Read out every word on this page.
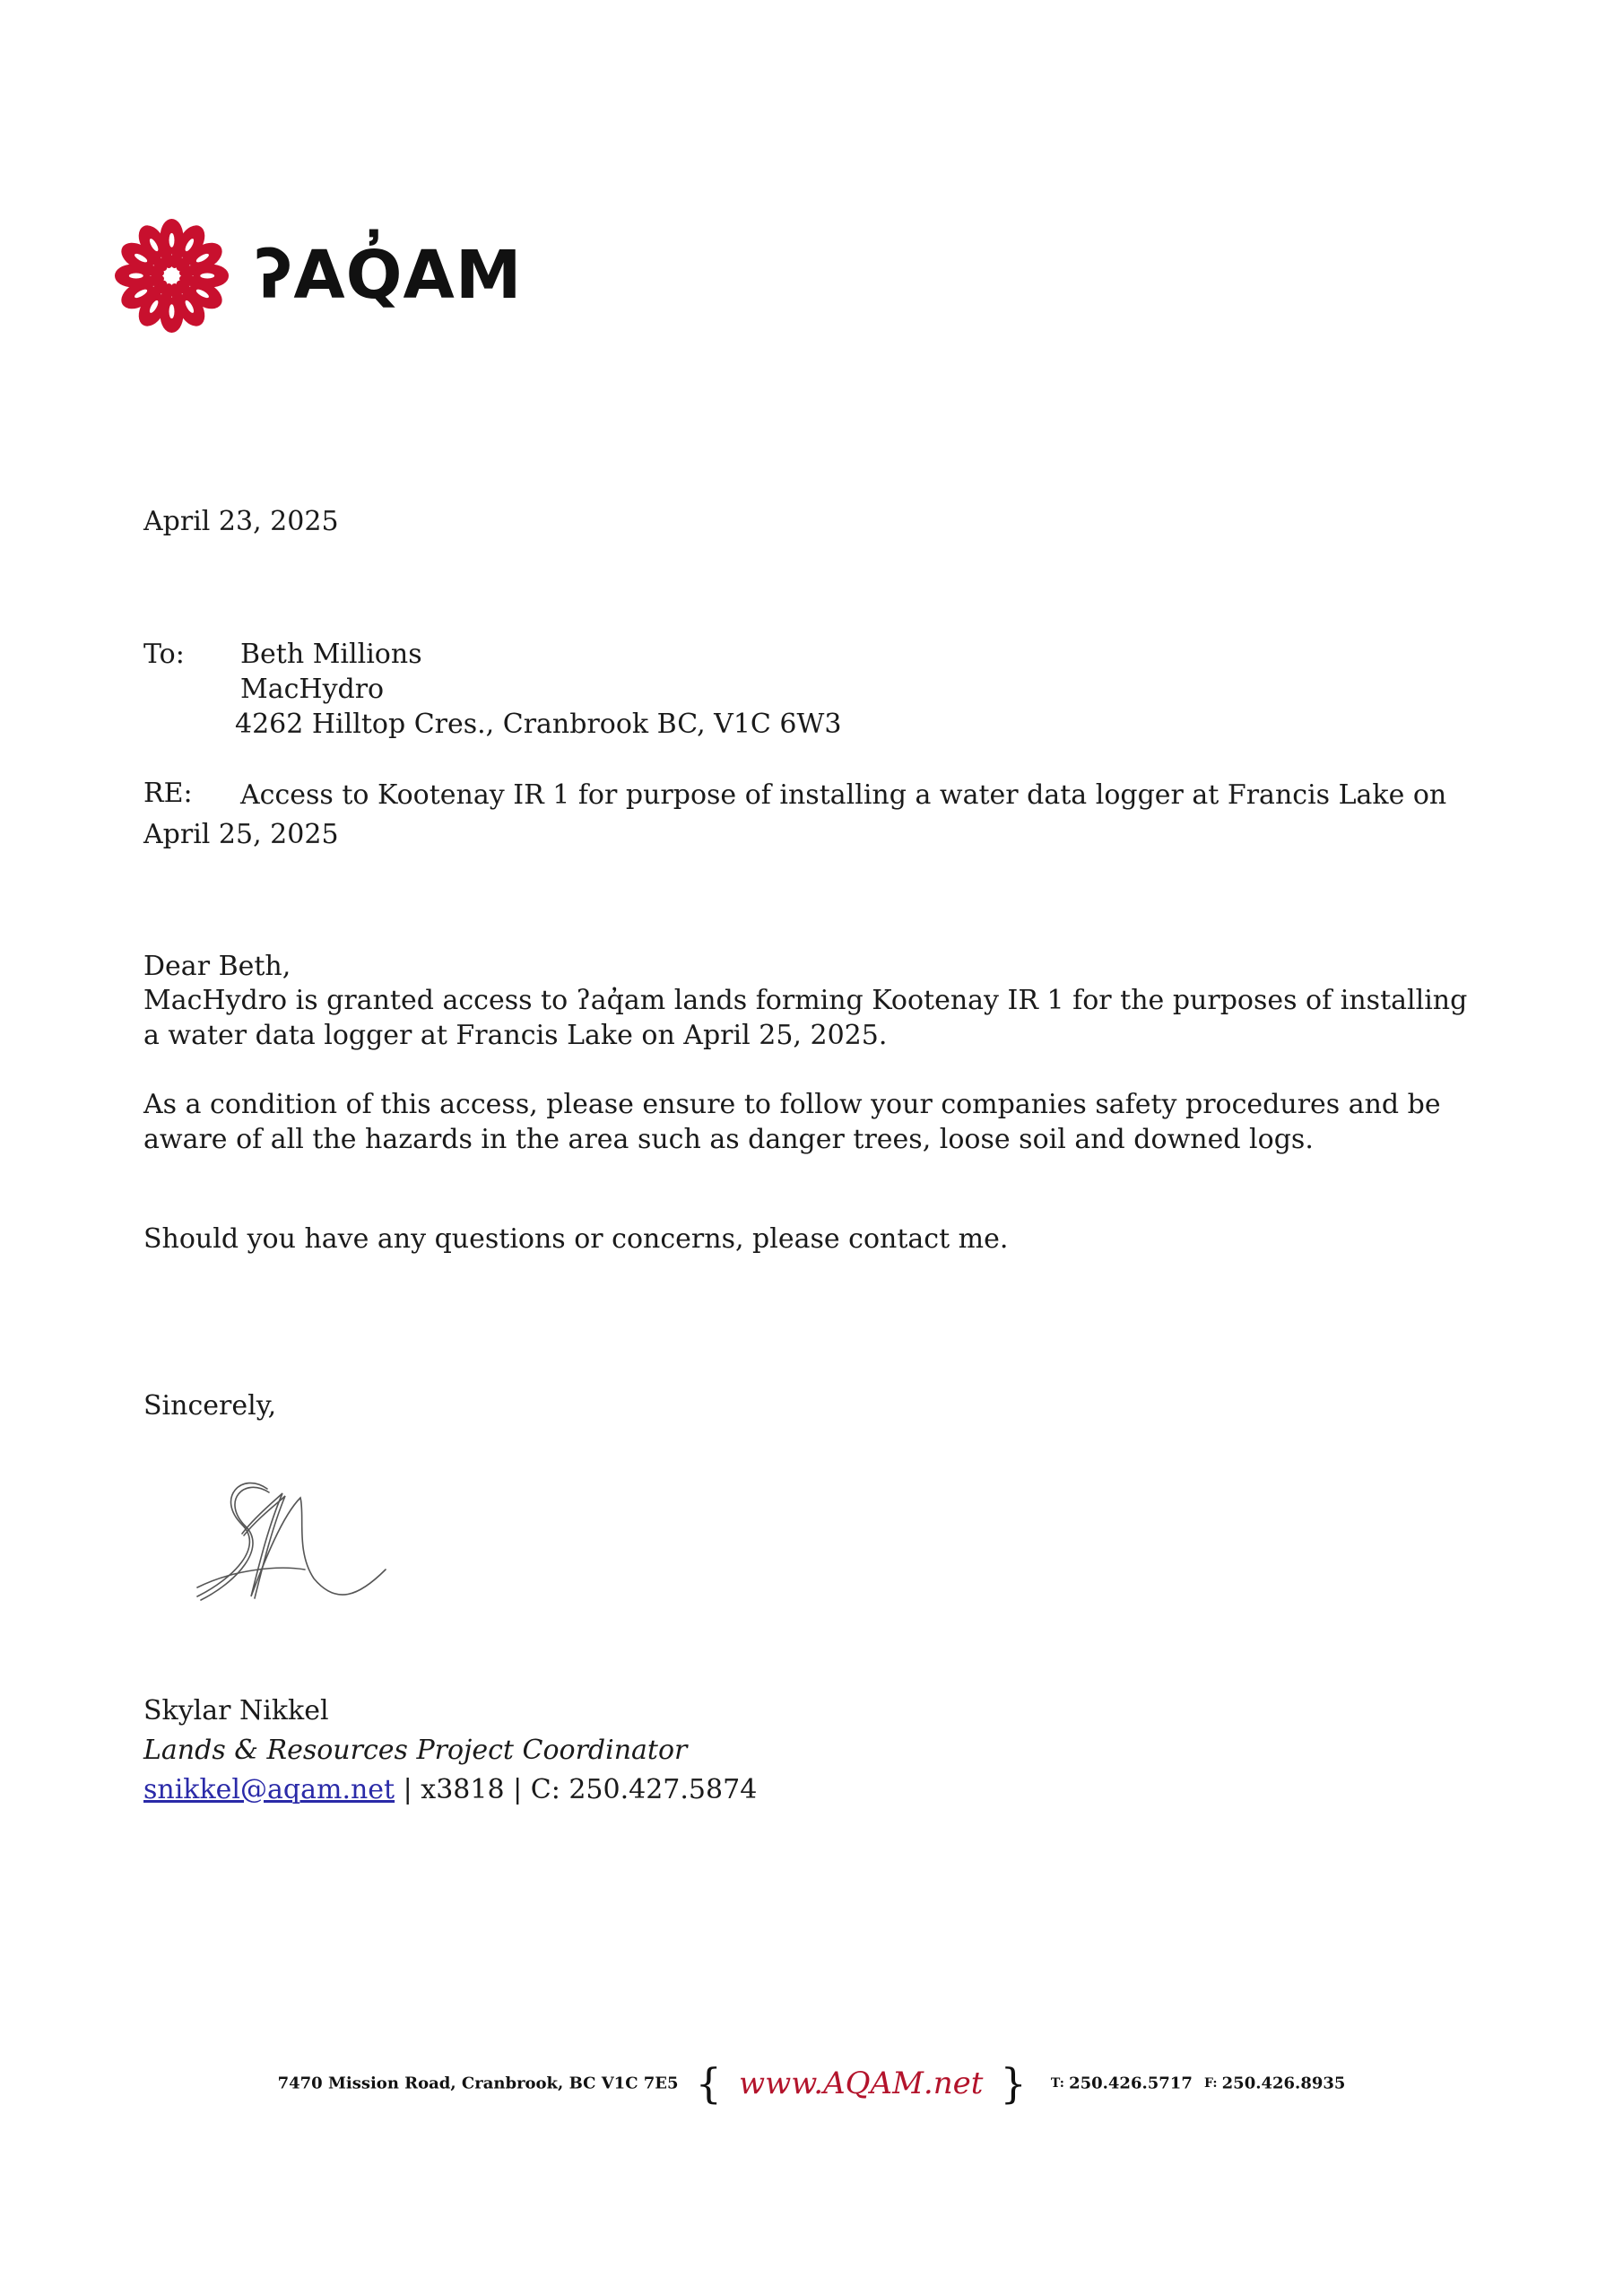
ʔAQ̓AM
April 23, 2025
To: Beth Millions
MacHydro
4262 Hilltop Cres., Cranbrook BC, V1C 6W3
RE:	Access to Kootenay IR 1 for purpose of installing a water data logger at Francis Lake on April 25, 2025
Dear Beth,
MacHydro is granted access to ʔaq̓am lands forming Kootenay IR 1 for the purposes of installing a water data logger at Francis Lake on April 25, 2025.
As a condition of this access, please ensure to follow your companies safety procedures and be aware of all the hazards in the area such as danger trees, loose soil and downed logs.
Should you have any questions or concerns, please contact me.
Sincerely,
Skylar Nikkel
Lands & Resources Project Coordinator
snikkel@aqam.net | x3818 | C: 250.427.5874
7470 Mission Road, Cranbrook, BC V1C 7E5 { www.AQAM.net } T: 250.426.5717 F: 250.426.8935
